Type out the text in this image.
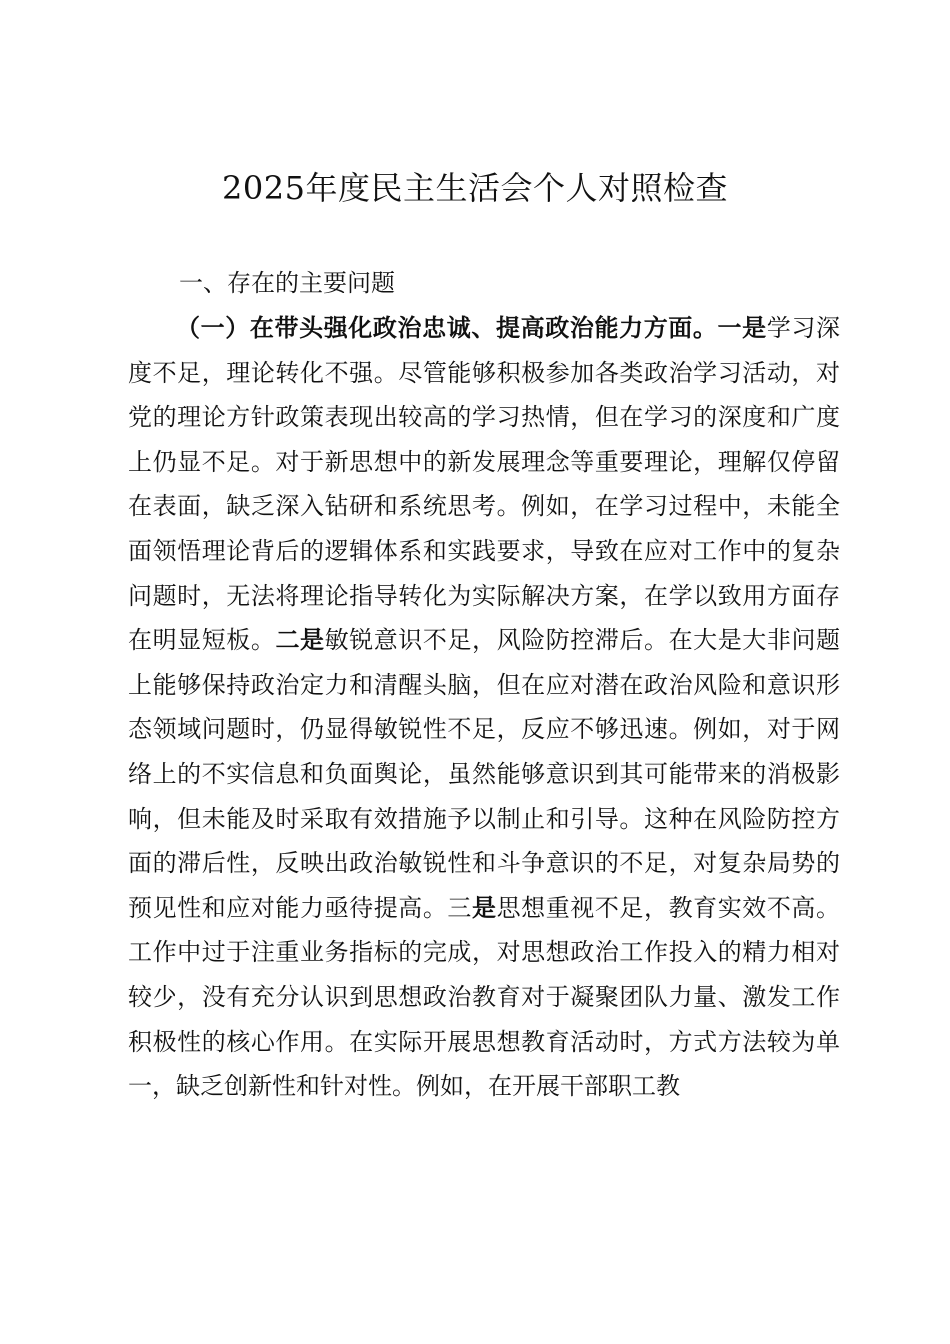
2025年度民主生活会个人对照检查

一、存在的主要问题

（一）在带头强化政治忠诚、提高政治能力方面。一是学习深度不足，理论转化不强。尽管能够积极参加各类政治学习活动，对党的理论方针政策表现出较高的学习热情，但在学习的深度和广度上仍显不足。对于新思想中的新发展理念等重要理论，理解仅停留在表面，缺乏深入钻研和系统思考。例如，在学习过程中，未能全面领悟理论背后的逻辑体系和实践要求，导致在应对工作中的复杂问题时，无法将理论指导转化为实际解决方案，在学以致用方面存在明显短板。二是敏锐意识不足，风险防控滞后。在大是大非问题上能够保持政治定力和清醒头脑，但在应对潜在政治风险和意识形态领域问题时，仍显得敏锐性不足，反应不够迅速。例如，对于网络上的不实信息和负面舆论，虽然能够意识到其可能带来的消极影响，但未能及时采取有效措施予以制止和引导。这种在风险防控方面的滞后性，反映出政治敏锐性和斗争意识的不足，对复杂局势的预见性和应对能力亟待提高。三是思想重视不足，教育实效不高。工作中过于注重业务指标的完成，对思想政治工作投入的精力相对较少，没有充分认识到思想政治教育对于凝聚团队力量、激发工作积极性的核心作用。在实际开展思想教育活动时，方式方法较为单一，缺乏创新性和针对性。例如，在开展干部职工教
